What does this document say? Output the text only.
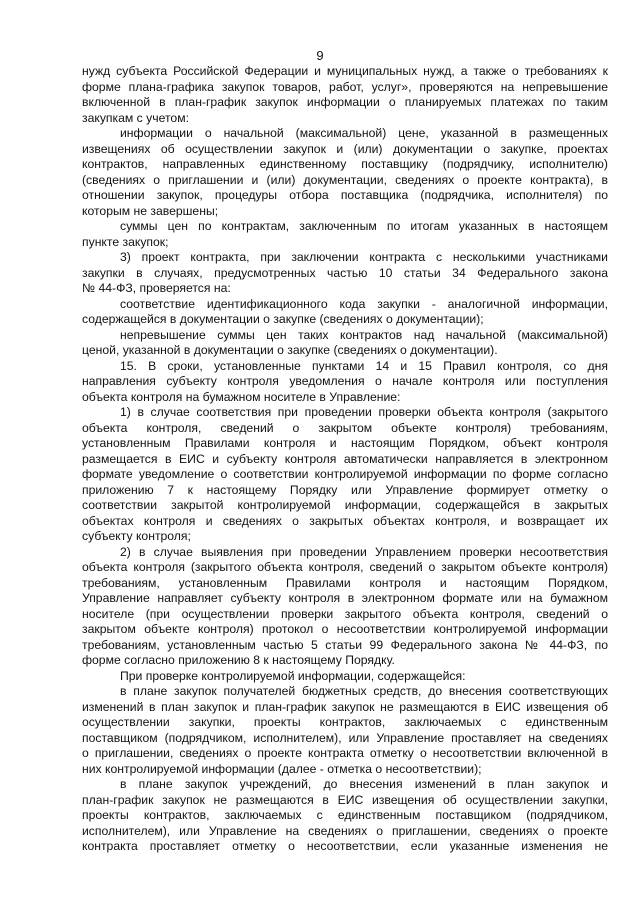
9
нужд субъекта Российской Федерации и муниципальных нужд, а также о требованиях к
форме плана-графика закупок товаров, работ, услуг», проверяются на непревышение
включенной в план-график закупок информации о планируемых платежах по таким
закупкам с учетом:
информации о начальной (максимальной) цене, указанной в размещенных
извещениях об осуществлении закупок и (или) документации о закупке, проектах
контрактов, направленных единственному поставщику (подрядчику, исполнителю)
(сведениях о приглашении и (или) документации, сведениях о проекте контракта), в
отношении закупок, процедуры отбора поставщика (подрядчика, исполнителя) по
которым не завершены;
суммы цен по контрактам, заключенным по итогам указанных в настоящем
пункте закупок;
3) проект контракта, при заключении контракта с несколькими участниками
закупки в случаях, предусмотренных частью 10 статьи 34 Федерального закона
№ 44-ФЗ, проверяется на:
соответствие идентификационного кода закупки - аналогичной информации,
содержащейся в документации о закупке (сведениях о документации);
непревышение суммы цен таких контрактов над начальной (максимальной)
ценой, указанной в документации о закупке (сведениях о документации).
15. В сроки, установленные пунктами 14 и 15 Правил контроля, со дня
направления субъекту контроля уведомления о начале контроля или поступления
объекта контроля на бумажном носителе в Управление:
1) в случае соответствия при проведении проверки объекта контроля (закрытого
объекта контроля, сведений о закрытом объекте контроля) требованиям,
установленным Правилами контроля и настоящим Порядком, объект контроля
размещается в ЕИС и субъекту контроля автоматически направляется в электронном
формате уведомление о соответствии контролируемой информации по форме согласно
приложению 7 к настоящему Порядку или Управление формирует отметку о
соответствии закрытой контролируемой информации, содержащейся в закрытых
объектах контроля и сведениях о закрытых объектах контроля, и возвращает их
субъекту контроля;
2) в случае выявления при проведении Управлением проверки несоответствия
объекта контроля (закрытого объекта контроля, сведений о закрытом объекте контроля)
требованиям, установленным Правилами контроля и настоящим Порядком,
Управление направляет субъекту контроля в электронном формате или на бумажном
носителе (при осуществлении проверки закрытого объекта контроля, сведений о
закрытом объекте контроля) протокол о несоответствии контролируемой информации
требованиям, установленным частью 5 статьи 99 Федерального закона № 44-ФЗ, по
форме согласно приложению 8 к настоящему Порядку.
При проверке контролируемой информации, содержащейся:
в плане закупок получателей бюджетных средств, до внесения соответствующих
изменений в план закупок и план-график закупок не размещаются в ЕИС извещения об
осуществлении закупки, проекты контрактов, заключаемых с единственным
поставщиком (подрядчиком, исполнителем), или Управление проставляет на сведениях
о приглашении, сведениях о проекте контракта отметку о несоответствии включенной в
них контролируемой информации (далее - отметка о несоответствии);
в плане закупок учреждений, до внесения изменений в план закупок и
план-график закупок не размещаются в ЕИС извещения об осуществлении закупки,
проекты контрактов, заключаемых с единственным поставщиком (подрядчиком,
исполнителем), или Управление на сведениях о приглашении, сведениях о проекте
контракта проставляет отметку о несоответствии, если указанные изменения не
